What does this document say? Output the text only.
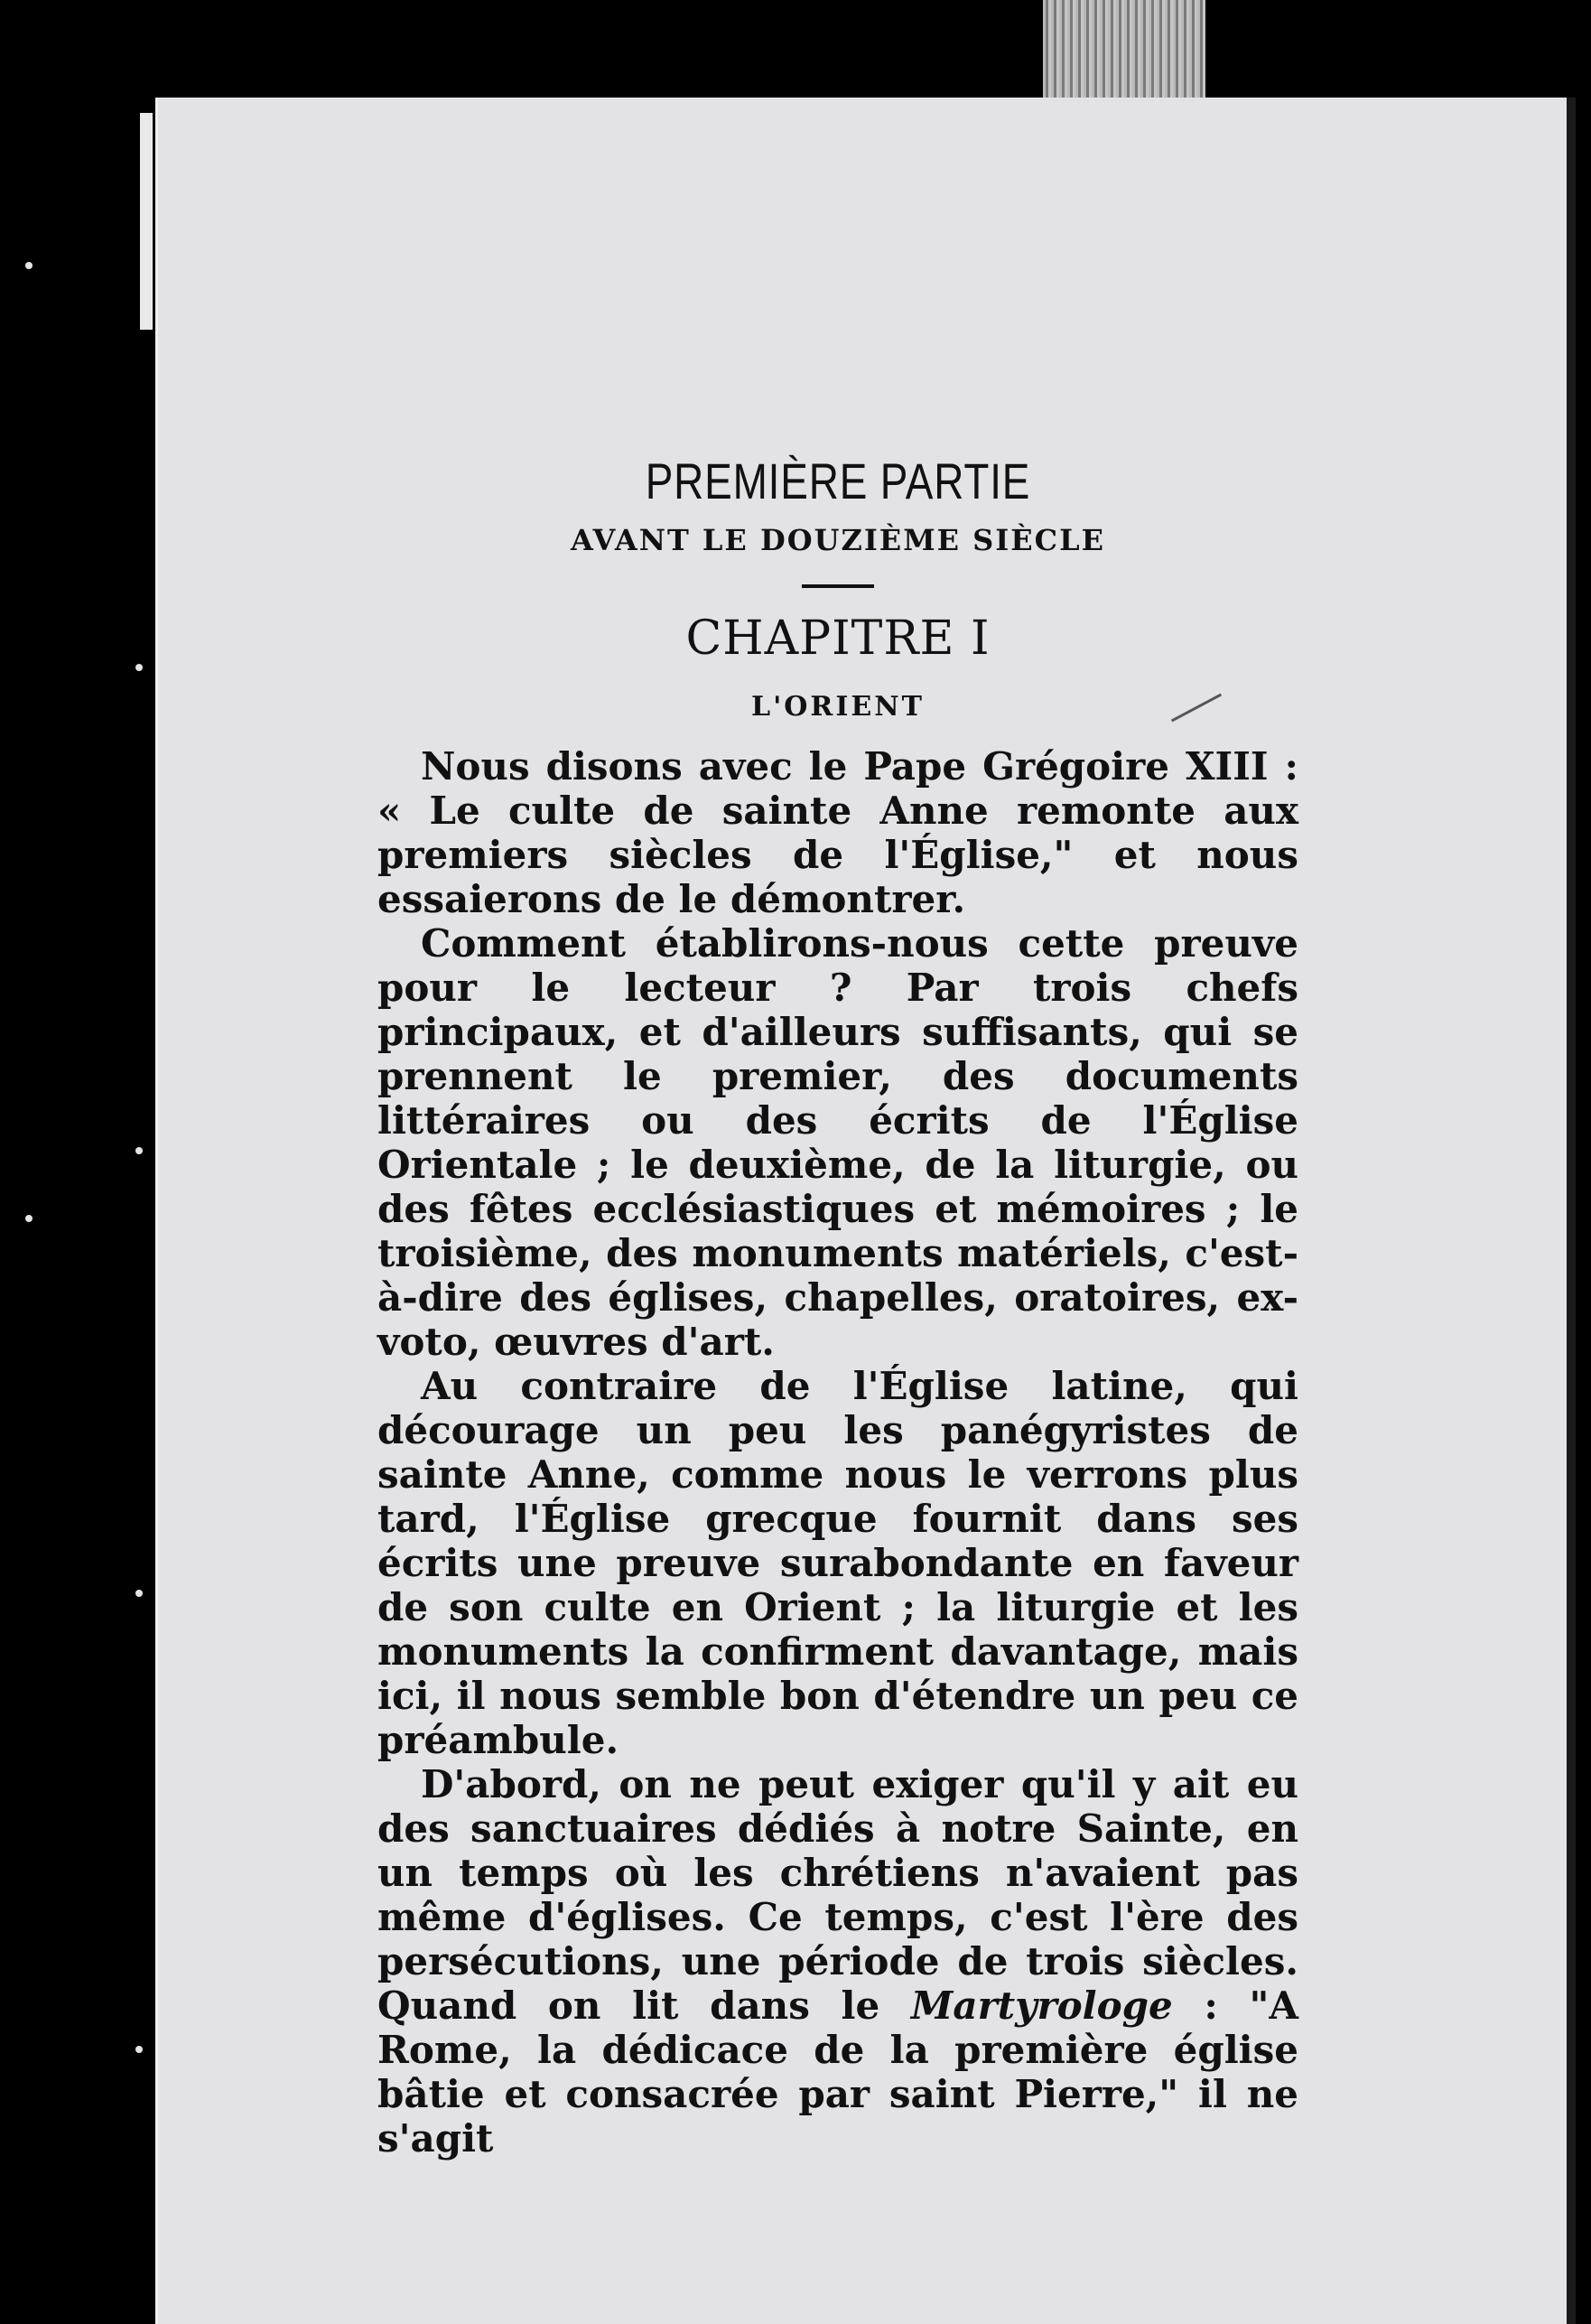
PREMIÈRE PARTIE
AVANT LE DOUZIÈME SIÈCLE
CHAPITRE I
L'ORIENT

Nous disons avec le Pape Grégoire XIII : « Le culte de sainte Anne remonte aux premiers siècles de l'Église," et nous essaierons de le démontrer.

Comment établirons-nous cette preuve pour le lecteur ? Par trois chefs principaux, et d'ailleurs suffisants, qui se prennent le premier, des documents littéraires ou des écrits de l'Église Orientale ; le deuxième, de la liturgie, ou des fêtes ecclésiastiques et mémoires ; le troisième, des monuments matériels, c'est-à-dire des églises, chapelles, oratoires, ex-voto, œuvres d'art.

Au contraire de l'Église latine, qui décourage un peu les panégyristes de sainte Anne, comme nous le verrons plus tard, l'Église grecque fournit dans ses écrits une preuve surabondante en faveur de son culte en Orient ; la liturgie et les monuments la confirment davantage, mais ici, il nous semble bon d'étendre un peu ce préambule.

D'abord, on ne peut exiger qu'il y ait eu des sanctuaires dédiés à notre Sainte, en un temps où les chrétiens n'avaient pas même d'églises. Ce temps, c'est l'ère des persécutions, une période de trois siècles. Quand on lit dans le Martyrologe : "A Rome, la dédicace de la première église bâtie et consacrée par saint Pierre," il ne s'agit
